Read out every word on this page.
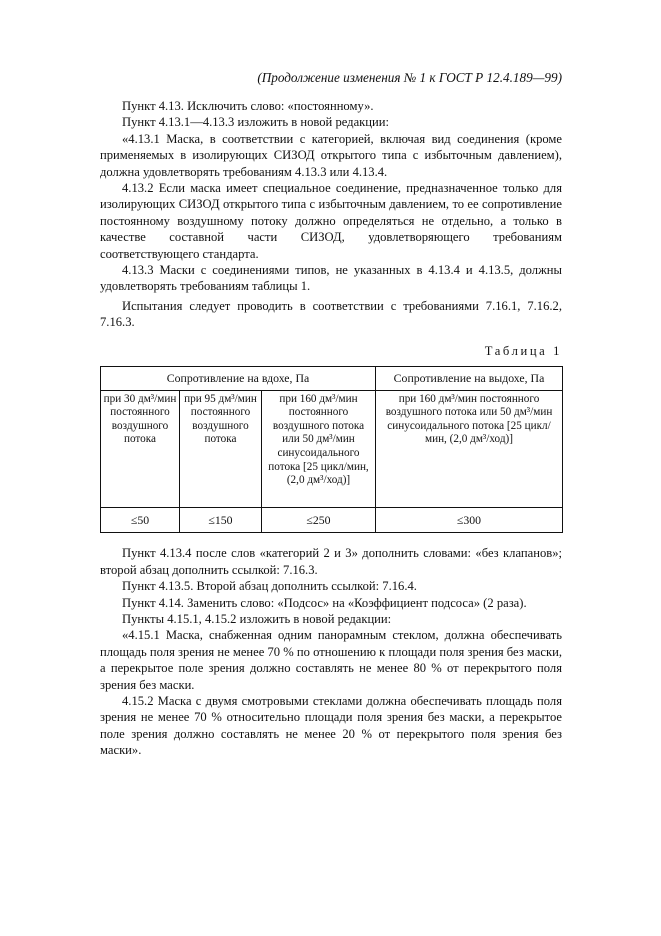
(Продолжение изменения № 1 к ГОСТ Р 12.4.189—99)

Пункт 4.13. Исключить слово: «постоянному».

Пункт 4.13.1—4.13.3 изложить в новой редакции:

«4.13.1 Маска, в соответствии с категорией, включая вид соединения (кроме применяемых в изолирующих СИЗОД открытого типа с избыточным давлением), должна удовлетворять требованиям 4.13.3 или 4.13.4.

4.13.2 Если маска имеет специальное соединение, предназначенное только для изолирующих СИЗОД открытого типа с избыточным давлением, то ее сопротивление постоянному воздушному потоку должно определяться не отдельно, а только в качестве составной части СИЗОД, удовлетворяющего требованиям соответствующего стандарта.

4.13.3 Маски с соединениями типов, не указанных в 4.13.4 и 4.13.5, должны удовлетворять требованиям таблицы 1.

Испытания следует проводить в соответствии с требованиями 7.16.1, 7.16.2, 7.16.3.

Таблица 1
Сопротивление на вдохе, Па			Сопротивление на выдохе, Па
при 30 дм³/мин постоянного воздушного потока	при 95 дм³/мин постоянного воздушного потока	при 160 дм³/мин постоянного воздушного потока или 50 дм³/мин синусоидального потока [25 цикл/мин, (2,0 дм³/ход)]	при 160 дм³/мин постоянного воздушного потока или 50 дм³/мин синусоидального потока [25 цикл/мин, (2,0 дм³/ход)]
≤50	≤150	≤250	≤300

Пункт 4.13.4 после слов «категорий 2 и 3» дополнить словами: «без клапанов»; второй абзац дополнить ссылкой: 7.16.3.

Пункт 4.13.5. Второй абзац дополнить ссылкой: 7.16.4.

Пункт 4.14. Заменить слово: «Подсос» на «Коэффициент подсоса» (2 раза).

Пункты 4.15.1, 4.15.2 изложить в новой редакции:

«4.15.1 Маска, снабженная одним панорамным стеклом, должна обеспечивать площадь поля зрения не менее 70 % по отношению к площади поля зрения без маски, а перекрытое поле зрения должно составлять не менее 80 % от перекрытого поля зрения без маски.

4.15.2 Маска с двумя смотровыми стеклами должна обеспечивать площадь поля зрения не менее 70 % относительно площади поля зрения без маски, а перекрытое поле зрения должно составлять не менее 20 % от перекрытого поля зрения без маски».
